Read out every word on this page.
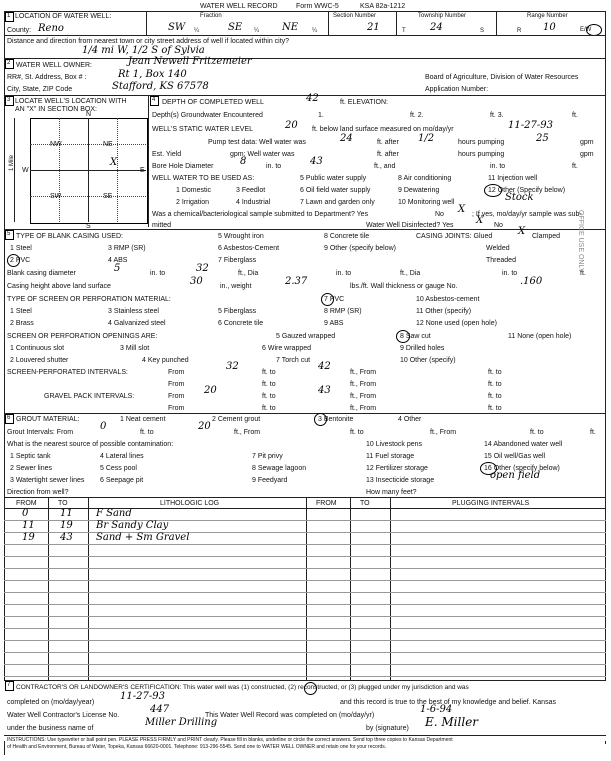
WATER WELL RECORD	Form WWC-5	KSA 82a-1212
1 LOCATION OF WATER WELL:	Fraction	Section Number	Township Number	Range Number
County: Reno	SW ¼	SE ¼ NE ¼	21	T 24	S	R 10	E/W
Distance and direction from nearest town or city street address of well if located within city?
1/4 mi W, 1/2 S of Sylvia
2 WATER WELL OWNER:	Jean Newell Fritzemeier
RR#, St. Address, Box # :	Rt 1, Box 140	Board of Agriculture, Division of Water Resources
City, State, ZIP Code	Stafford, KS 67578	Application Number:
3 LOCATE WELL'S LOCATION WITH
AN "X" IN SECTION BOX:
N
S
W	E
NW	NE
SW	SE
X
1 Mile
4 DEPTH OF COMPLETED WELL	42	ft. ELEVATION:
Depth(s) Groundwater Encountered	1.	ft. 2.	ft. 3.	ft.
WELL'S STATIC WATER LEVEL	20 ft. below land surface measured on mo/day/yr	11-27-93
Pump test data: Well water was	24	ft. after 1/2	hours pumping	25	gpm
Est. Yield	gpm: Well water was	ft. after	hours pumping	gpm
Bore Hole Diameter	8	in. to	43	ft., and	in. to	ft.
WELL WATER TO BE USED AS:	5 Public water supply	8 Air conditioning	11 Injection well
1 Domestic	3 Feedlot	6 Oil field water supply	9 Dewatering	12 Other (Specify below)
2 Irrigation	4 Industrial	7 Lawn and garden only	10 Monitoring well	Stock
Was a chemical/bacteriological sample submitted to Department? Yes	No X ; If yes, mo/day/yr sample was sub-
mitted	Water Well Disinfected? Yes X No
5 TYPE OF BLANK CASING USED:	5 Wrought iron	8 Concrete tile	CASING JOINTS: Glued	X Clamped
1 Steel	3 RMP (SR)	6 Asbestos-Cement	9 Other (specify below)	Welded
2 PVC	4 ABS	7 Fiberglass	Threaded
Blank casing diameter	5	in. to	32	ft., Dia	in. to	ft., Dia	in. to	ft.
Casing height above land surface	30 in., weight	2.37	lbs./ft. Wall thickness or gauge No.	.160
TYPE OF SCREEN OR PERFORATION MATERIAL:	7 PVC	10 Asbestos-cement
1 Steel	3 Stainless steel	5 Fiberglass	8 RMP (SR)	11 Other (specify)
2 Brass	4 Galvanized steel	6 Concrete tile	9 ABS	12 None used (open hole)
SCREEN OR PERFORATION OPENINGS ARE:	5 Gauzed wrapped	8 Saw cut	11 None (open hole)
1 Continuous slot	3 Mill slot	6 Wire wrapped	9 Drilled holes
2 Louvered shutter	4 Key punched	7 Torch cut	10 Other (specify)
SCREEN-PERFORATED INTERVALS:	From
32
ft. to
42
ft., From	ft. to
From	ft. to	ft., From	ft. to
GRAVEL PACK INTERVALS:	From
20
ft. to
43
ft., From	ft. to
From	ft. to	ft., From	ft. to
6 GROUT MATERIAL:	1 Neat cement	2 Cement grout	3 Bentonite	4 Other
Grout Intervals: From
0
ft. to
20
ft., From	ft. to	ft., From	ft. to	ft.
What is the nearest source of possible contamination:	10 Livestock pens	14 Abandoned water well
1 Septic tank	4 Lateral lines	7 Pit privy	11 Fuel storage	15 Oil well/Gas well
2 Sewer lines	5 Cess pool	8 Sewage lagoon	12 Fertilizer storage	16 Other (specify below)
3 Watertight sewer lines 6 Seepage pit	9 Feedyard	13 Insecticide storage	open field
Direction from well?	How many feet?
FROM	TO	LITHOLOGIC LOG	FROM	TO	PLUGGING INTERVALS
0	11 F Sand
11	19 Br Sandy Clay
19	43 Sand + Sm Gravel
7 CONTRACTOR'S OR LANDOWNER'S CERTIFICATION: This water well was (1) constructed, (2) reconstructed, or (3) plugged under my jurisdiction and was
completed on (mo/day/year)
11-27-93
and this record is true to the best of my knowledge and belief. Kansas
Water Well Contractor's License No.
447
This Water Well Record was completed on (mo/day/yr)
1-6-94
under the business name of
Miller Drilling
by (signature) E. Miller
INSTRUCTIONS: Use typewriter or ball point pen. PLEASE PRESS FIRMLY and PRINT clearly. Please fill in blanks, underline or circle the correct answers. Send top three copies to Kansas Department
of Health and Environment, Bureau of Water, Topeka, Kansas 66620-0001. Telephone: 913-296-5545. Send one to WATER WELL OWNER and retain one for your records.
OFFICE USE ONLY
